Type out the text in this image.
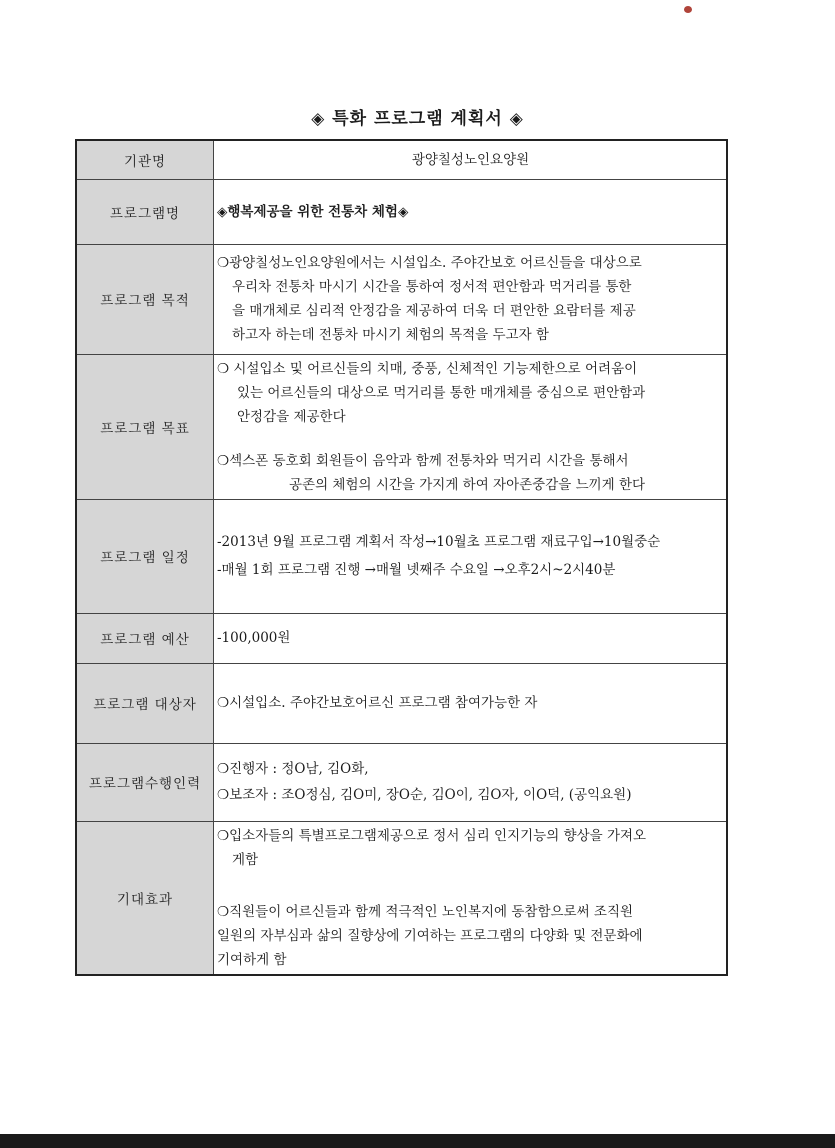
◈ 특화 프로그램 계획서 ◈
기관명	광양칠성노인요양원
프로그램명	◈행복제공을 위한 전통차 체험◈
프로그램 목적	❍광양칠성노인요양원에서는 시설입소. 주야간보호 어르신들을 대상으로

우리차 전통차 마시기 시간을 통하여 정서적 편안함과 먹거리를 통한

을 매개체로 심리적 안정감을 제공하여 더욱 더 편안한 요람터를 제공

하고자 하는데 전통차 마시기 체험의 목적을 두고자 함

프로그램 목표	❍ 시설입소 및 어르신들의 치매, 중풍, 신체적인 기능제한으로 어려움이

있는 어르신들의 대상으로 먹거리를 통한 매개체를 중심으로 편안함과

안정감을 제공한다

❍섹스폰 동호회 회원들이 음악과 함께 전통차와 먹거리 시간을 통해서

공존의 체험의 시간을 가지게 하여 자아존중감을 느끼게 한다

프로그램 일정	-2013년 9월 프로그램 계획서 작성→10월초 프로그램 재료구입→10월중순

-매월 1회 프로그램 진행 →매월 넷째주 수요일 →오후2시~2시40분

프로그램 예산	-100,000원
프로그램 대상자	❍시설입소. 주야간보호어르신 프로그램 참여가능한 자
프로그램수행인력	❍진행자 : 정O남, 김O화,

❍보조자 : 조O정심, 김O미, 장O순, 김O이, 김O자, 이O덕, (공익요원)

기대효과	❍입소자들의 특별프로그램제공으로 정서 심리 인지기능의 향상을 가져오

게함

❍직원들이 어르신들과 함께 적극적인 노인복지에 동참함으로써 조직원

일원의 자부심과 삶의 질향상에 기여하는 프로그램의 다양화 및 전문화에

기여하게 함
